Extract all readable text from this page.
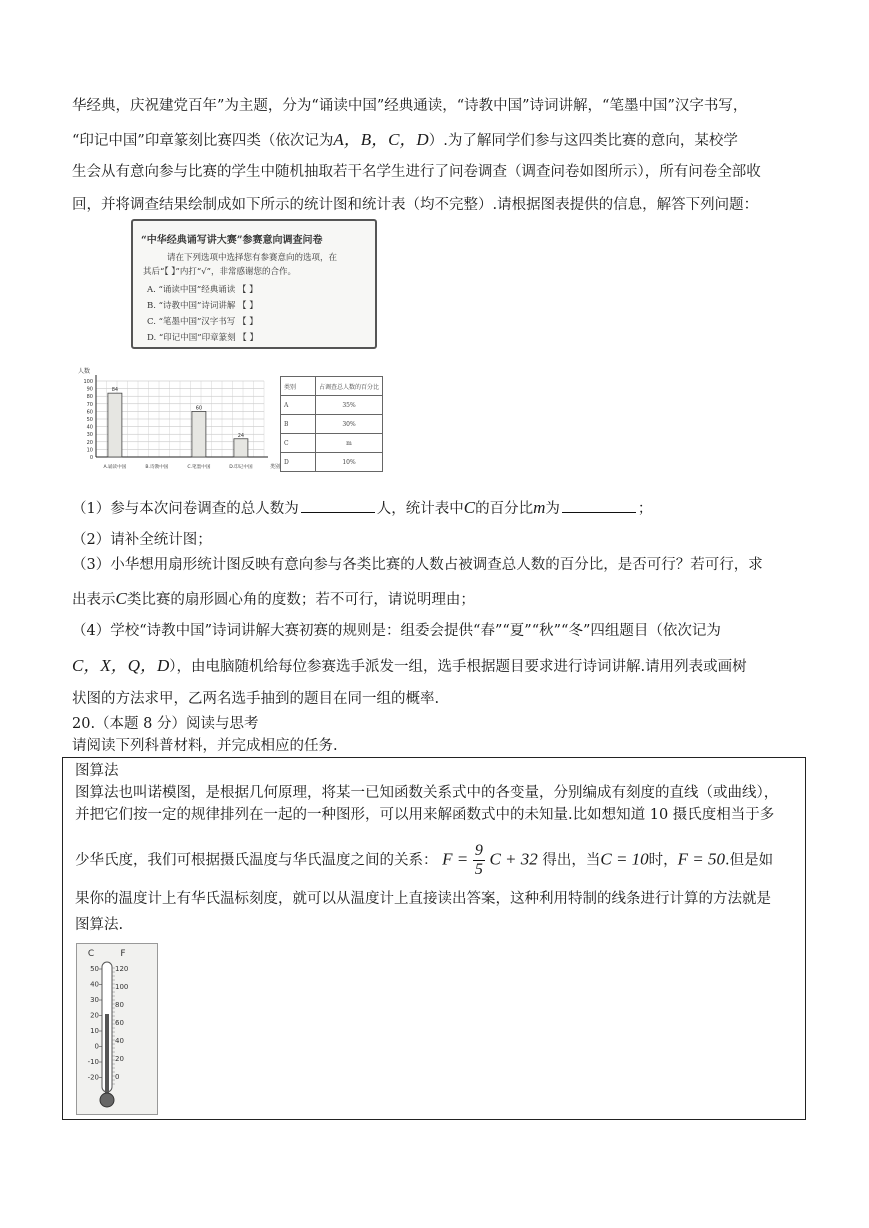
华经典，庆祝建党百年”为主题，分为“诵读中国”经典通读，“诗教中国”诗词讲解，“笔墨中国”汉字书写，
“印记中国”印章篆刻比赛四类（依次记为A，B，C，D）.为了解同学们参与这四类比赛的意向，某校学
生会从有意向参与比赛的学生中随机抽取若干名学生进行了问卷调查（调查问卷如图所示），所有问卷全部收
回，并将调查结果绘制成如下所示的统计图和统计表（均不完整）.请根据图表提供的信息，解答下列问题：
“中华经典诵写讲大赛”参赛意向调查问卷
请在下列选项中选择您有参赛意向的选项，在
其后“【 】”内打“√”，非常感谢您的合作。
A. “诵读中国”经典诵读 【 】
B. “诗教中国”诗词讲解 【 】
C. “笔墨中国”汉字书写 【 】
D. “印记中国”印章篆刻 【 】
0
10
20
30
40
50
60
70
80
90
100
人数
类别
84
A.诵读中国	B.诗教中国
60
C.笔墨中国
24
D.印记中国
类别	占调查总人数的百分比
A	35%
B	30%
C	m
D	10%
（1）参与本次问卷调查的总人数为	人，统计表中C的百分比m为	；
（2）请补全统计图；
（3）小华想用扇形统计图反映有意向参与各类比赛的人数占被调查总人数的百分比，是否可行？若可行，求
出表示C类比赛的扇形圆心角的度数；若不可行，请说明理由；
（4）学校“诗教中国”诗词讲解大赛初赛的规则是：组委会提供“春”“夏”“秋”“冬”四组题目（依次记为
C，X，Q，D），由电脑随机给每位参赛选手派发一组，选手根据题目要求进行诗词讲解.请用列表或画树
状图的方法求甲，乙两名选手抽到的题目在同一组的概率.
20.（本题 8 分）阅读与思考
请阅读下列科普材料，并完成相应的任务.
图算法
图算法也叫诺模图，是根据几何原理，将某一已知函数关系式中的各变量，分别编成有刻度的直线（或曲线），
并把它们按一定的规律排列在一起的一种图形，可以用来解函数式中的未知量.比如想知道 10 摄氏度相当于多
少华氏度，我们可根据摄氏温度与华氏温度之间的关系： $F = \frac{9}{5}$ C + 32 得出，当C = 10时，F = 50.但是如
果你的温度计上有华氏温标刻度，就可以从温度计上直接读出答案，这种利用特制的线条进行计算的方法就是
图算法.
C	F
50
40
30
20
10
0
-10
-20
120
100
80
60
40
20
0
